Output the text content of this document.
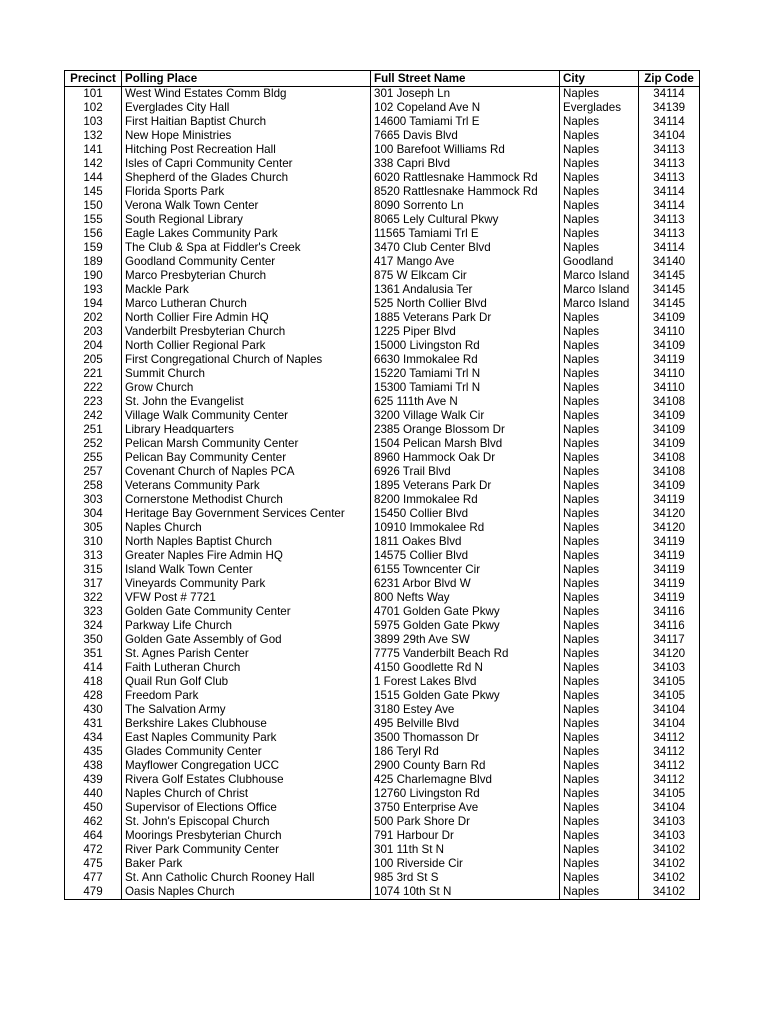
Precinct	Polling Place	Full Street Name	City	Zip Code
101	West Wind Estates Comm Bldg	301 Joseph Ln	Naples	34114
102	Everglades City Hall	102 Copeland Ave N	Everglades	34139
103	First Haitian Baptist Church	14600 Tamiami Trl E	Naples	34114
132	New Hope Ministries	7665 Davis Blvd	Naples	34104
141	Hitching Post Recreation Hall	100 Barefoot Williams Rd	Naples	34113
142	Isles of Capri Community Center	338 Capri Blvd	Naples	34113
144	Shepherd of the Glades Church	6020 Rattlesnake Hammock Rd	Naples	34113
145	Florida Sports Park	8520 Rattlesnake Hammock Rd	Naples	34114
150	Verona Walk Town Center	8090 Sorrento Ln	Naples	34114
155	South Regional Library	8065 Lely Cultural Pkwy	Naples	34113
156	Eagle Lakes Community Park	11565 Tamiami Trl E	Naples	34113
159	The Club & Spa at Fiddler's Creek	3470 Club Center Blvd	Naples	34114
189	Goodland Community Center	417 Mango Ave	Goodland	34140
190	Marco Presbyterian Church	875 W Elkcam Cir	Marco Island	34145
193	Mackle Park	1361 Andalusia Ter	Marco Island	34145
194	Marco Lutheran Church	525 North Collier Blvd	Marco Island	34145
202	North Collier Fire Admin HQ	1885 Veterans Park Dr	Naples	34109
203	Vanderbilt Presbyterian Church	1225 Piper Blvd	Naples	34110
204	North Collier Regional Park	15000 Livingston Rd	Naples	34109
205	First Congregational Church of Naples	6630 Immokalee Rd	Naples	34119
221	Summit Church	15220 Tamiami Trl N	Naples	34110
222	Grow Church	15300 Tamiami Trl N	Naples	34110
223	St. John the Evangelist	625 111th Ave N	Naples	34108
242	Village Walk Community Center	3200 Village Walk Cir	Naples	34109
251	Library Headquarters	2385 Orange Blossom Dr	Naples	34109
252	Pelican Marsh Community Center	1504 Pelican Marsh Blvd	Naples	34109
255	Pelican Bay Community Center	8960 Hammock Oak Dr	Naples	34108
257	Covenant Church of Naples PCA	6926 Trail Blvd	Naples	34108
258	Veterans Community Park	1895 Veterans Park Dr	Naples	34109
303	Cornerstone Methodist Church	8200 Immokalee Rd	Naples	34119
304	Heritage Bay Government Services Center	15450 Collier Blvd	Naples	34120
305	Naples Church	10910 Immokalee Rd	Naples	34120
310	North Naples Baptist Church	1811 Oakes Blvd	Naples	34119
313	Greater Naples Fire Admin HQ	14575 Collier Blvd	Naples	34119
315	Island Walk Town Center	6155 Towncenter Cir	Naples	34119
317	Vineyards Community Park	6231 Arbor Blvd W	Naples	34119
322	VFW Post # 7721	800 Nefts Way	Naples	34119
323	Golden Gate Community Center	4701 Golden Gate Pkwy	Naples	34116
324	Parkway Life Church	5975 Golden Gate Pkwy	Naples	34116
350	Golden Gate Assembly of God	3899 29th Ave SW	Naples	34117
351	St. Agnes Parish Center	7775 Vanderbilt Beach Rd	Naples	34120
414	Faith Lutheran Church	4150 Goodlette Rd N	Naples	34103
418	Quail Run Golf Club	1 Forest Lakes Blvd	Naples	34105
428	Freedom Park	1515 Golden Gate Pkwy	Naples	34105
430	The Salvation Army	3180 Estey Ave	Naples	34104
431	Berkshire Lakes Clubhouse	495 Belville Blvd	Naples	34104
434	East Naples Community Park	3500 Thomasson Dr	Naples	34112
435	Glades Community Center	186 Teryl Rd	Naples	34112
438	Mayflower Congregation UCC	2900 County Barn Rd	Naples	34112
439	Rivera Golf Estates Clubhouse	425 Charlemagne Blvd	Naples	34112
440	Naples Church of Christ	12760 Livingston Rd	Naples	34105
450	Supervisor of Elections Office	3750 Enterprise Ave	Naples	34104
462	St. John's Episcopal Church	500 Park Shore Dr	Naples	34103
464	Moorings Presbyterian Church	791 Harbour Dr	Naples	34103
472	River Park Community Center	301 11th St N	Naples	34102
475	Baker Park	100 Riverside Cir	Naples	34102
477	St. Ann Catholic Church Rooney Hall	985 3rd St S	Naples	34102
479	Oasis Naples Church	1074 10th St N	Naples	34102
